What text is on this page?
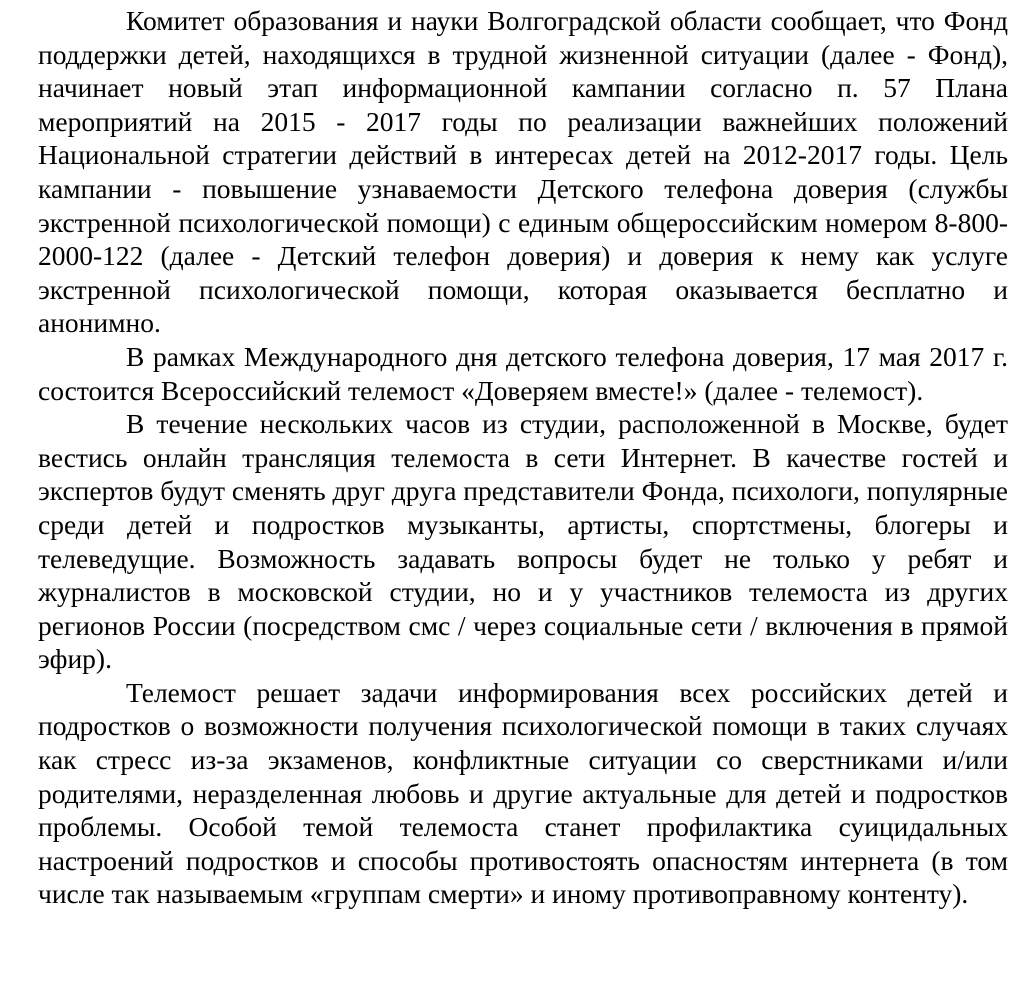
Комитет образования и науки Волгоградской области сообщает, что Фонд поддержки детей, находящихся в трудной жизненной ситуации (далее - Фонд), начинает новый этап информационной кампании согласно п. 57 Плана мероприятий на 2015 - 2017 годы по реализации важнейших положений Национальной стратегии действий в интересах детей на 2012-2017 годы. Цель кампании - повышение узнаваемости Детского телефона доверия (службы экстренной психологической помощи) с единым общероссийским номером 8-800-2000-122 (далее - Детский телефон доверия) и доверия к нему как услуге экстренной психологической помощи, которая оказывается бесплатно и анонимно.

В рамках Международного дня детского телефона доверия, 17 мая 2017 г. состоится Всероссийский телемост «Доверяем вместе!» (далее - телемост).

В течение нескольких часов из студии, расположенной в Москве, будет вестись онлайн трансляция телемоста в сети Интернет. В качестве гостей и экспертов будут сменять друг друга представители Фонда, психологи, популярные среди детей и подростков музыканты, артисты, спортстмены, блогеры и телеведущие. Возможность задавать вопросы будет не только у ребят и журналистов в московской студии, но и у участников телемоста из других регионов России (посредством смс / через социальные сети / включения в прямой эфир).

Телемост решает задачи информирования всех российских детей и подростков о возможности получения психологической помощи в таких случаях как стресс из-за экзаменов, конфликтные ситуации со сверстниками и/или родителями, неразделенная любовь и другие актуальные для детей и подростков проблемы. Особой темой телемоста станет профилактика суицидальных настроений подростков и способы противостоять опасностям интернета (в том числе так называемым «группам смерти» и иному противоправному контенту).
